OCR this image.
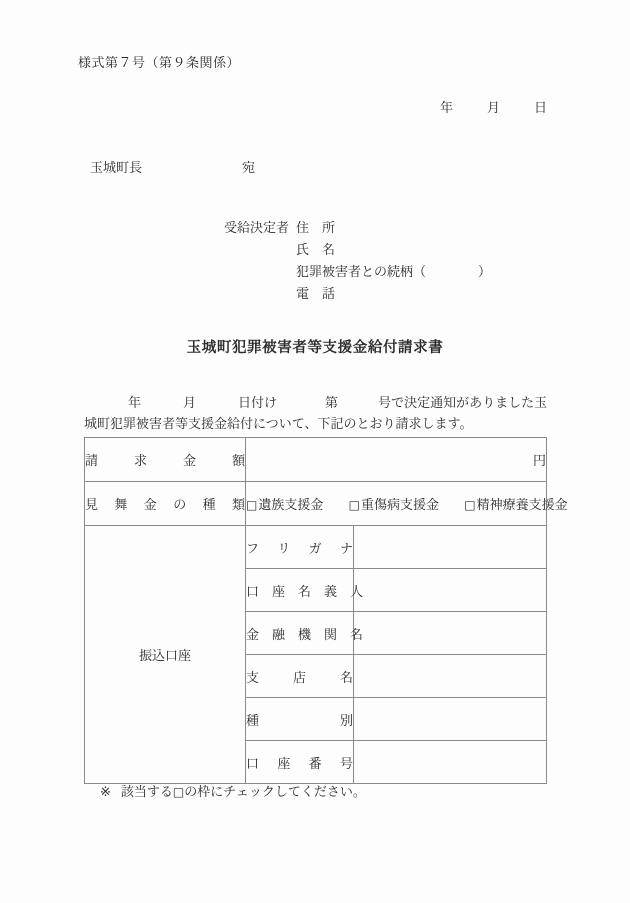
様式第７号（第９条関係）
年	月	日
玉城町長	宛
受給決定者 住　所
氏　名
犯罪被害者との続柄（	）
電　話
玉城町犯罪被害者等支援金給付請求書
年	月	日付け	第	号で決定通知がありました玉
城町犯罪被害者等支援金給付について、下記のとおり請求します。
請　求　金　額	円	
見　舞　金　の　種　類	□遺族支援金 □重傷病支援金 □精神療養支援金	
振込口座	フ　リ　ガ　ナ	
	口　座　名　義　人	
	金　融　機　関　名	
	支　店　名	
	種　別	
	口　座　番　号	
※ 該当する□の枠にチェックしてください。
